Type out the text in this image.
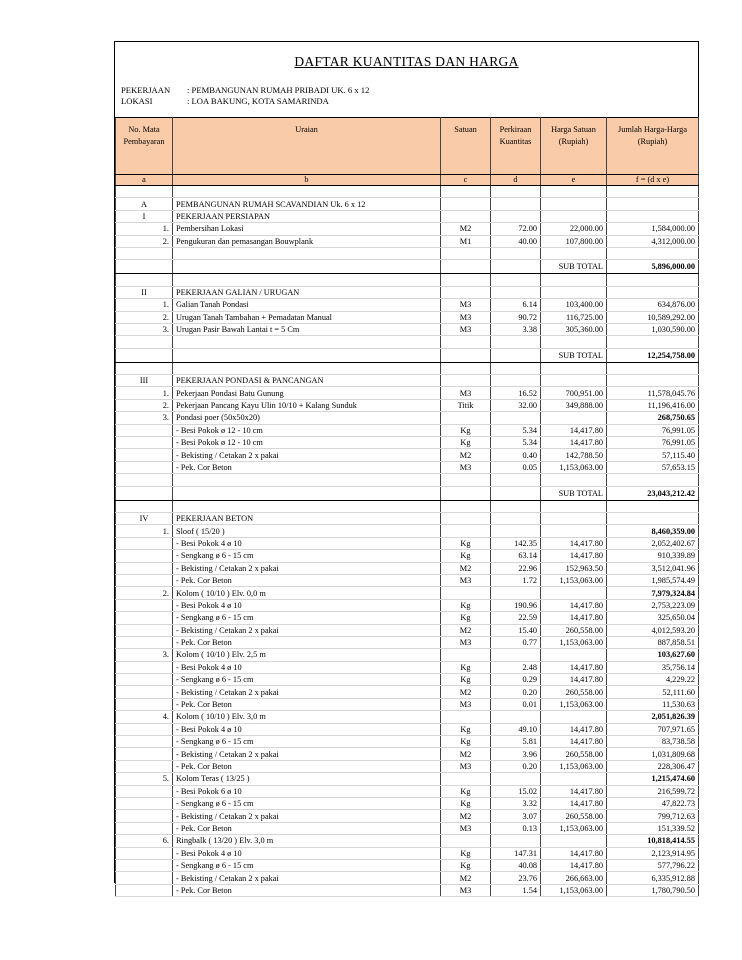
DAFTAR KUANTITAS DAN HARGA
PEKERJAAN : PEMBANGUNAN RUMAH PRIBADI UK. 6 x 12
LOKASI	: LOA BAKUNG, KOTA SAMARINDA
No. Mata Pembayaran	Uraian	Satuan	Perkiraan Kuantitas	Harga Satuan (Rupiah)	Jumlah Harga-Harga (Rupiah)
a	b	c	d	e	f = (d x e)

A	PEMBANGUNAN RUMAH SCAVANDIAN Uk. 6 x 12				
I	PEKERJAAN PERSIAPAN				
1.	Pembersihan Lokasi	M2	72.00	22,000.00	1,584,000.00
2.	Pengukuran dan pemasangan Bouwplank	M1	40.00	107,800.00	4,312,000.00

				SUB TOTAL	5,896,000.00

II	PEKERJAAN GALIAN / URUGAN				
1.	Galian Tanah Pondasi	M3	6.14	103,400.00	634,876.00
2.	Urugan Tanah Tambahan + Pemadatan Manual	M3	90.72	116,725.00	10,589,292.00
3.	Urugan Pasir Bawah Lantai t = 5 Cm	M3	3.38	305,360.00	1,030,590.00

				SUB TOTAL	12,254,758.00

III	PEKERJAAN PONDASI & PANCANGAN				
1.	Pekerjaan Pondasi Batu Gunung	M3	16.52	700,951.00	11,578,045.76
2.	Pekerjaan Pancang Kayu Ulin 10/10 + Kalang Sunduk	Titik	32.00	349,888.00	11,196,416.00
3.	Pondasi poer (50x50x20)				268,750.65
	- Besi Pokok ø 12 - 10 cm	Kg	5.34	14,417.80	76,991.05
	- Besi Pokok ø 12 - 10 cm	Kg	5.34	14,417.80	76,991.05
	- Bekisting / Cetakan 2 x pakai	M2	0.40	142,788.50	57,115.40
	- Pek. Cor Beton	M3	0.05	1,153,063.00	57,653.15

				SUB TOTAL	23,043,212.42

IV	PEKERJAAN BETON				
1.	Sloof ( 15/20 )				8,460,359.00
	- Besi Pokok 4 ø 10	Kg	142.35	14,417.80	2,052,402.67
	- Sengkang ø 6 - 15 cm	Kg	63.14	14,417.80	910,339.89
	- Bekisting / Cetakan 2 x pakai	M2	22.96	152,963.50	3,512,041.96
	- Pek. Cor Beton	M3	1.72	1,153,063.00	1,985,574.49
2.	Kolom ( 10/10 ) Elv. 0,0 m				7,979,324.84
	- Besi Pokok 4 ø 10	Kg	190.96	14,417.80	2,753,223.09
	- Sengkang ø 6 - 15 cm	Kg	22.59	14,417.80	325,650.04
	- Bekisting / Cetakan 2 x pakai	M2	15.40	260,558.00	4,012,593.20
	- Pek. Cor Beton	M3	0.77	1,153,063.00	887,858.51
3.	Kolom ( 10/10 ) Elv. 2,5 m				103,627.60
	- Besi Pokok 4 ø 10	Kg	2.48	14,417.80	35,756.14
	- Sengkang ø 6 - 15 cm	Kg	0.29	14,417.80	4,229.22
	- Bekisting / Cetakan 2 x pakai	M2	0.20	260,558.00	52,111.60
	- Pek. Cor Beton	M3	0.01	1,153,063.00	11,530.63
4.	Kolom ( 10/10 ) Elv. 3,0 m				2,051,826.39
	- Besi Pokok 4 ø 10	Kg	49.10	14,417.80	707,971.65
	- Sengkang ø 6 - 15 cm	Kg	5.81	14,417.80	83,738.58
	- Bekisting / Cetakan 2 x pakai	M2	3.96	260,558.00	1,031,809.68
	- Pek. Cor Beton	M3	0.20	1,153,063.00	228,306.47
5.	Kolom Teras ( 13/25 )				1,215,474.60
	- Besi Pokok 6 ø 10	Kg	15.02	14,417.80	216,599.72
	- Sengkang ø 6 - 15 cm	Kg	3.32	14,417.80	47,822.73
	- Bekisting / Cetakan 2 x pakai	M2	3.07	260,558.00	799,712.63
	- Pek. Cor Beton	M3	0.13	1,153,063.00	151,339.52
6.	Ringbalk ( 13/20 ) Elv. 3,0 m				10,818,414.55
	- Besi Pokok 4 ø 10	Kg	147.31	14,417.80	2,123,914.95
	- Sengkang ø 6 - 15 cm	Kg	40.08	14,417.80	577,796.22
	- Bekisting / Cetakan 2 x pakai	M2	23.76	266,663.00	6,335,912.88
	- Pek. Cor Beton	M3	1.54	1,153,063.00	1,780,790.50
